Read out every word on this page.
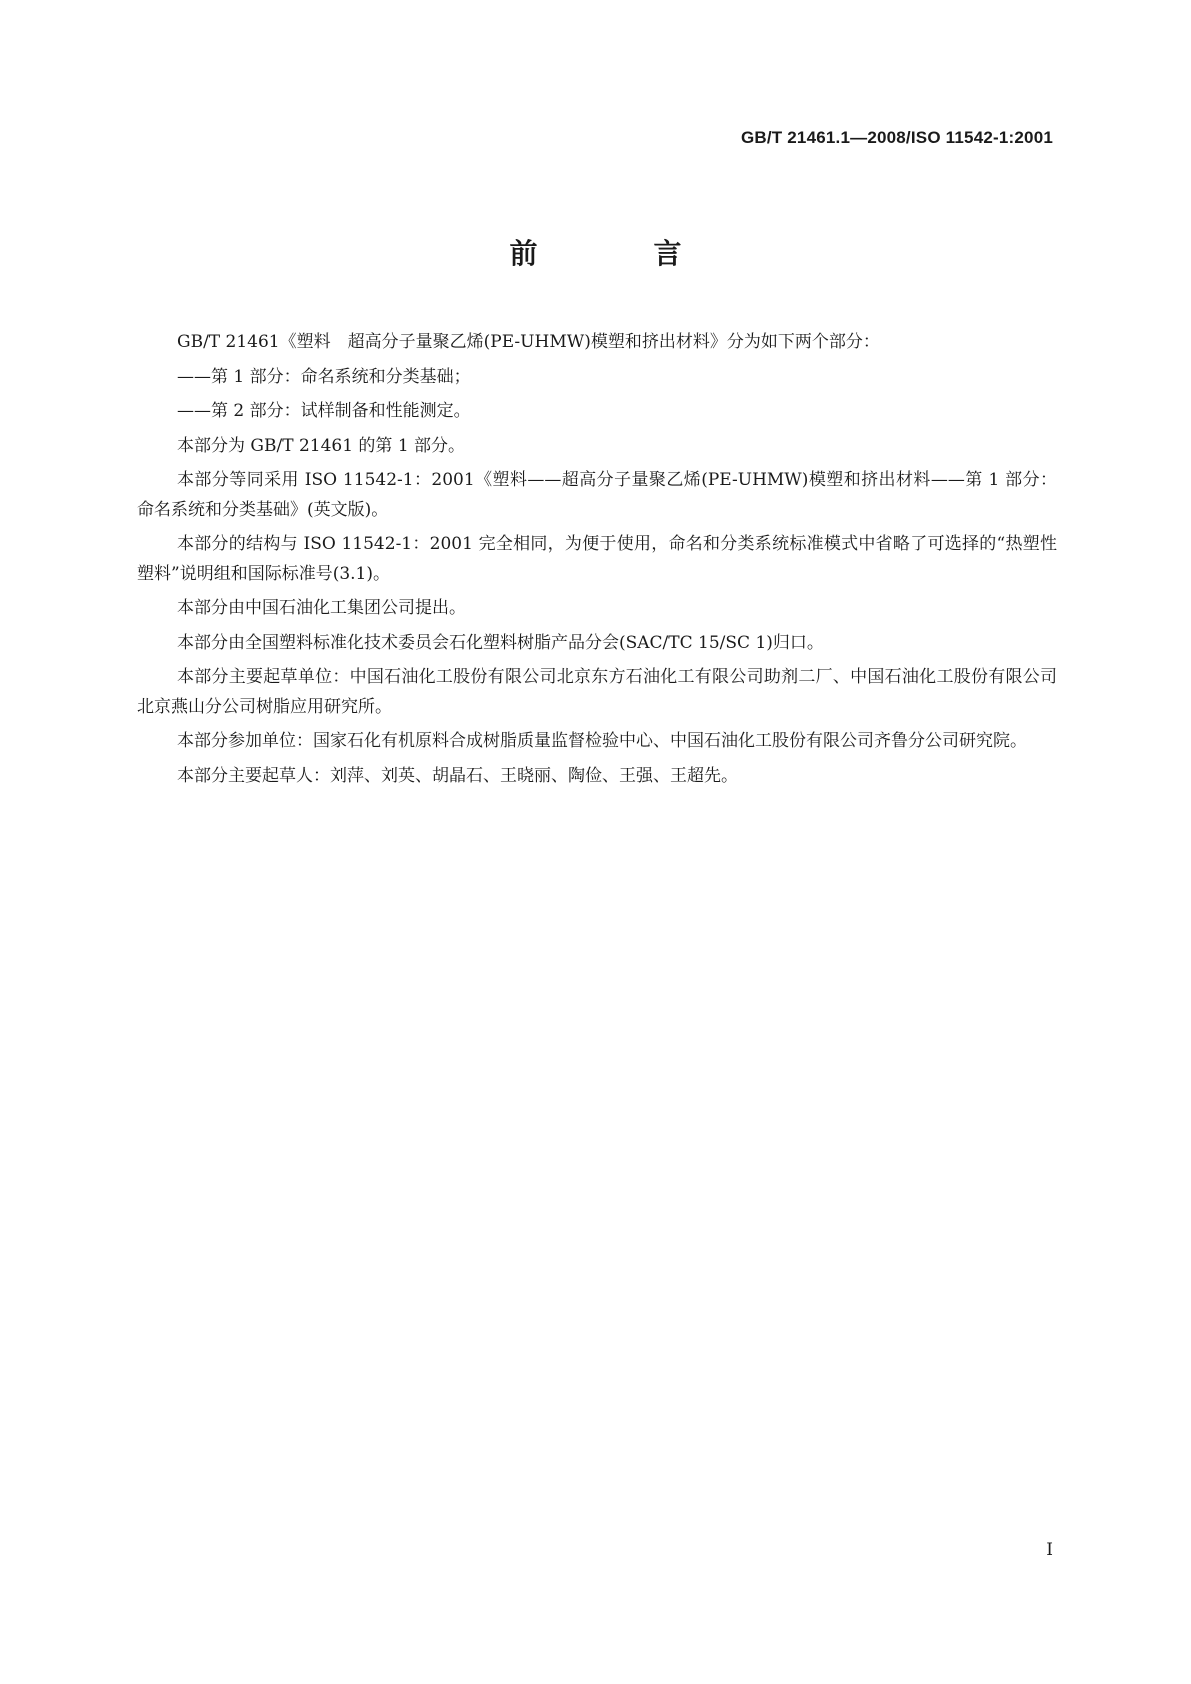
GB/T 21461.1—2008/ISO 11542-1:2001
前　言

GB/T 21461《塑料　超高分子量聚乙烯(PE-UHMW)模塑和挤出材料》分为如下两个部分：

——第 1 部分：命名系统和分类基础；

——第 2 部分：试样制备和性能测定。

本部分为 GB/T 21461 的第 1 部分。

本部分等同采用 ISO 11542-1：2001《塑料——超高分子量聚乙烯(PE-UHMW)模塑和挤出材料——第 1 部分：命名系统和分类基础》(英文版)。

本部分的结构与 ISO 11542-1：2001 完全相同，为便于使用，命名和分类系统标准模式中省略了可选择的“热塑性塑料”说明组和国际标准号(3.1)。

本部分由中国石油化工集团公司提出。

本部分由全国塑料标准化技术委员会石化塑料树脂产品分会(SAC/TC 15/SC 1)归口。

本部分主要起草单位：中国石油化工股份有限公司北京东方石油化工有限公司助剂二厂、中国石油化工股份有限公司北京燕山分公司树脂应用研究所。

本部分参加单位：国家石化有机原料合成树脂质量监督检验中心、中国石油化工股份有限公司齐鲁分公司研究院。

本部分主要起草人：刘萍、刘英、胡晶石、王晓丽、陶俭、王强、王超先。

I
